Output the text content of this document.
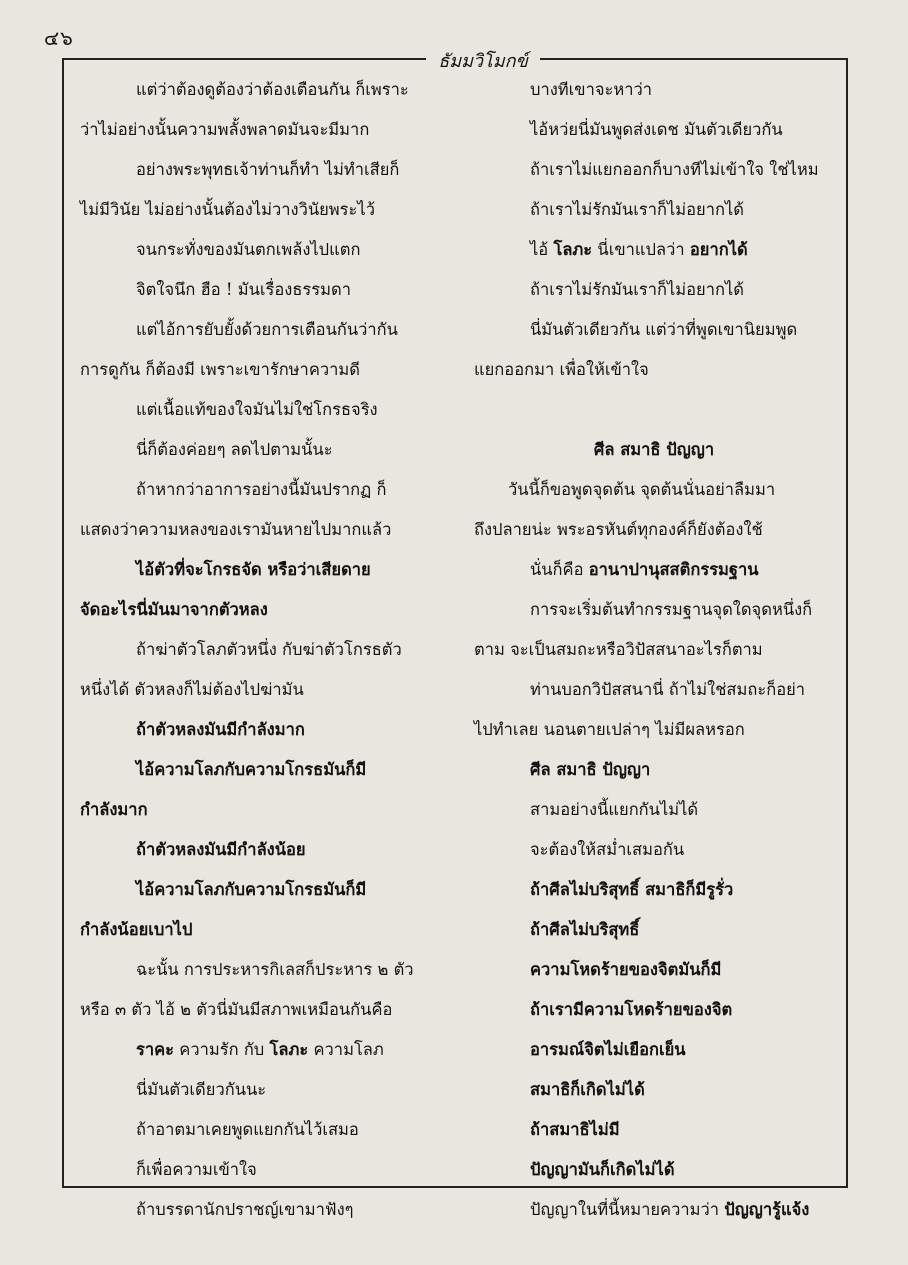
๔๖
ธัมมวิโมกข์
แต่ว่าต้องดูต้องว่าต้องเตือนกัน ก็เพราะ
ว่าไม่อย่างนั้นความพลั้งพลาดมันจะมีมาก
อย่างพระพุทธเจ้าท่านก็ทำ ไม่ทำเสียก็
ไม่มีวินัย ไม่อย่างนั้นต้องไม่วางวินัยพระไว้
จนกระทั่งของมันตกเพล้งไปแตก
จิตใจนึก ฮือ ! มันเรื่องธรรมดา
แต่ไอ้การยับยั้งด้วยการเตือนกันว่ากัน
การดูกัน ก็ต้องมี เพราะเขารักษาความดี
แต่เนื้อแท้ของใจมันไม่ใช่โกรธจริง
นี่ก็ต้องค่อยๆ ลดไปตามนั้นะ
ถ้าหากว่าอาการอย่างนี้มันปรากฏ ก็
แสดงว่าความหลงของเรามันหายไปมากแล้ว
ไอ้ตัวที่จะโกรธจัด หรือว่าเสียดาย
จัดอะไรนี่มันมาจากตัวหลง
ถ้าฆ่าตัวโลภตัวหนึ่ง กับฆ่าตัวโกรธตัว
หนึ่งได้ ตัวหลงก็ไม่ต้องไปฆ่ามัน
ถ้าตัวหลงมันมีกำลังมาก
ไอ้ความโลภกับความโกรธมันก็มี
กำลังมาก
ถ้าตัวหลงมันมีกำลังน้อย
ไอ้ความโลภกับความโกรธมันก็มี
กำลังน้อยเบาไป
ฉะนั้น การประหารกิเลสก็ประหาร ๒ ตัว
หรือ ๓ ตัว ไอ้ ๒ ตัวนี่มันมีสภาพเหมือนกันคือ
ราคะ ความรัก กับ โลภะ ความโลภ
นี่มันตัวเดียวกันนะ
ถ้าอาตมาเคยพูดแยกกันไว้เสมอ
ก็เพื่อความเข้าใจ
ถ้าบรรดานักปราชญ์เขามาฟังๆ
บางทีเขาจะหาว่า
ไอ้หว่ยนี่มันพูดส่งเดช มันตัวเดียวกัน
ถ้าเราไม่แยกออกก็บางทีไม่เข้าใจ ใช่ไหม
ถ้าเราไม่รักมันเราก็ไม่อยากได้
ไอ้ โลภะ นี่เขาแปลว่า อยากได้
ถ้าเราไม่รักมันเราก็ไม่อยากได้
นี่มันตัวเดียวกัน แต่ว่าที่พูดเขานิยมพูด
แยกออกมา เพื่อให้เข้าใจ
ศีล สมาธิ ปัญญา
วันนี้ก็ขอพูดจุดต้น จุดต้นนั่นอย่าลืมมา
ถึงปลายน่ะ พระอรหันต์ทุกองค์ก็ยังต้องใช้
นั่นก็คือ อานาปานุสสติกรรมฐาน
การจะเริ่มต้นทำกรรมฐานจุดใดจุดหนึ่งก็
ตาม จะเป็นสมถะหรือวิปัสสนาอะไรก็ตาม
ท่านบอกวิปัสสนานี่ ถ้าไม่ใช่สมถะก็อย่า
ไปทำเลย นอนตายเปล่าๆ ไม่มีผลหรอก
ศีล สมาธิ ปัญญา
สามอย่างนี้แยกกันไม่ได้
จะต้องให้สม่ำเสมอกัน
ถ้าศีลไม่บริสุทธิ์ สมาธิก็มีรูรั่ว
ถ้าศีลไม่บริสุทธิ์
ความโหดร้ายของจิตมันก็มี
ถ้าเรามีความโหดร้ายของจิต
อารมณ์จิตไม่เยือกเย็น
สมาธิก็เกิดไม่ได้
ถ้าสมาธิไม่มี
ปัญญามันก็เกิดไม่ได้
ปัญญาในที่นี้หมายความว่า ปัญญารู้แจ้ง
